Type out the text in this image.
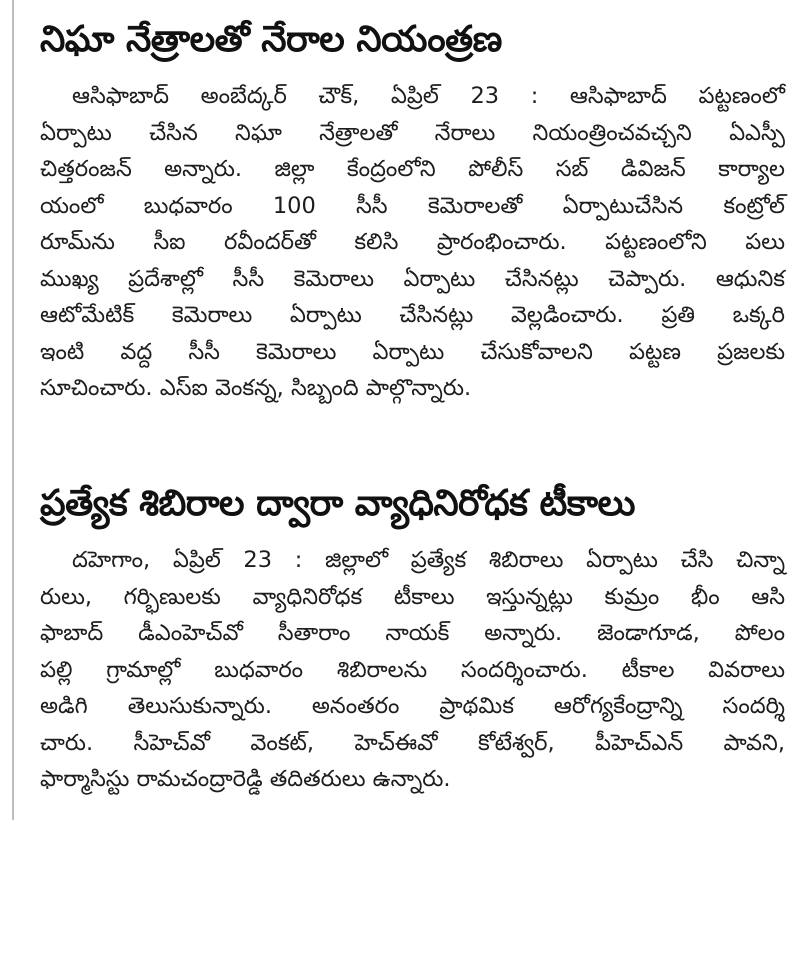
నిఘా నేత్రాలతో నేరాల నియంత్రణ

ఆసిఫాబాద్ అంబేద్కర్ చౌక్, ఏప్రిల్ 23 : ఆసిఫాబాద్ పట్టణంలో
ఏర్పాటు చేసిన నిఘా నేత్రాలతో నేరాలు నియంత్రించవచ్చని ఏఎస్పీ
చిత్తరంజన్ అన్నారు. జిల్లా కేంద్రంలోని పోలీస్ సబ్ డివిజన్ కార్యాల
యంలో బుధవారం 100 సీసీ కెమెరాలతో ఏర్పాటుచేసిన కంట్రోల్
రూమ్‌ను సీఐ రవీందర్‌తో కలిసి ప్రారంభించారు. పట్టణంలోని పలు
ముఖ్య ప్రదేశాల్లో సీసీ కెమెరాలు ఏర్పాటు చేసినట్లు చెప్పారు. ఆధునిక
ఆటోమేటిక్ కెమెరాలు ఏర్పాటు చేసినట్లు వెల్లడించారు. ప్రతి ఒక్కరి
ఇంటి వద్ద సీసీ కెమెరాలు ఏర్పాటు చేసుకోవాలని పట్టణ ప్రజలకు
సూచించారు. ఎస్ఐ వెంకన్న, సిబ్బంది పాల్గొన్నారు.

ప్రత్యేక శిబిరాల ద్వారా వ్యాధినిరోధక టీకాలు

దహెగాం, ఏప్రిల్ 23 : జిల్లాలో ప్రత్యేక శిబిరాలు ఏర్పాటు చేసి చిన్నా
రులు, గర్భిణులకు వ్యాధినిరోధక టీకాలు ఇస్తున్నట్లు కుమ్రం భీం ఆసి
ఫాబాద్ డీఎంహెచ్‌వో సీతారాం నాయక్ అన్నారు. జెండాగూడ, పోలం
పల్లి గ్రామాల్లో బుధవారం శిబిరాలను సందర్శించారు. టీకాల వివరాలు
అడిగి తెలుసుకున్నారు. అనంతరం ప్రాథమిక ఆరోగ్యకేంద్రాన్ని సందర్శి
చారు. సీహెచ్‌వో వెంకట్, హెచ్ఈవో కోటేశ్వర్, పీహెచ్ఎన్ పావని,
ఫార్మాసిస్టు రామచంద్రారెడ్డి తదితరులు ఉన్నారు.
